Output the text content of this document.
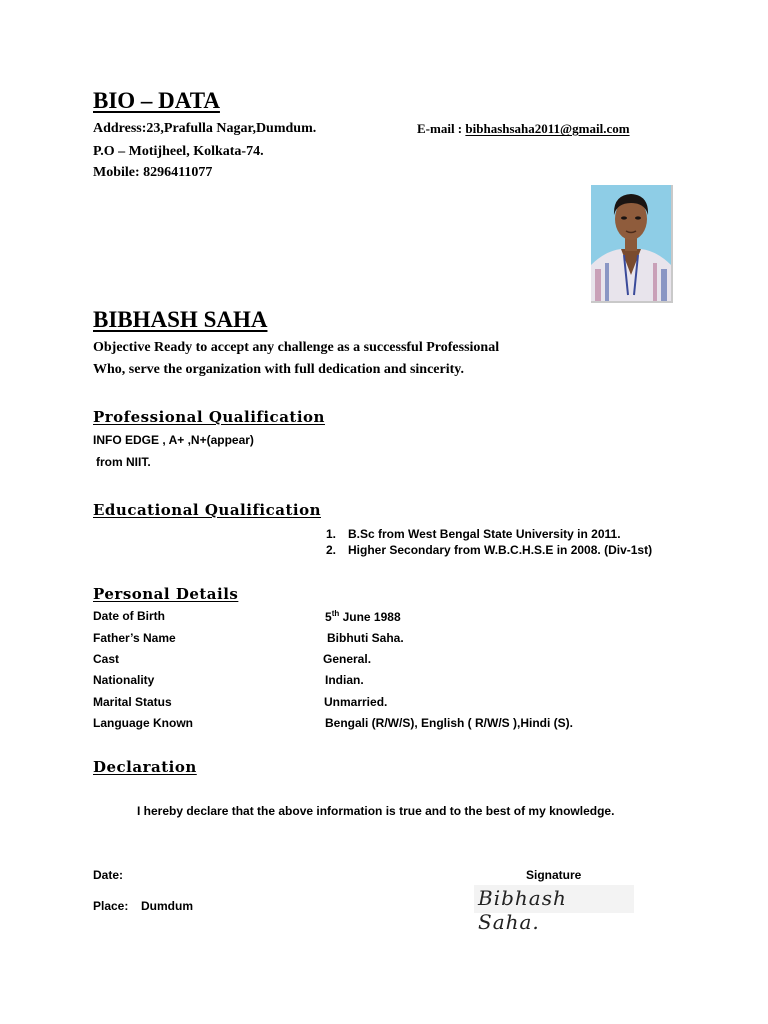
BIO – DATA
Address:23,Prafulla Nagar,Dumdum.	E-mail : bibhashsaha2011@gmail.com
P.O – Motijheel, Kolkata-74.
Mobile: 8296411077
BIBHASH SAHA
Objective Ready to accept any challenge as a successful Professional
Who, serve the organization with full dedication and sincerity.
Professional Qualification
INFO EDGE , A+ ,N+(appear)
from NIIT.
Educational Qualification
1. B.Sc from West Bengal State University in 2011.
2. Higher Secondary from W.B.C.H.S.E in 2008. (Div-1st)
Personal Details
Date of Birth	5th June 1988
Father’s Name	Bibhuti Saha.
Cast	General.
Nationality	Indian.
Marital Status	Unmarried.
Language Known	Bengali (R/W/S), English ( R/W/S ),Hindi (S).
Declaration
I hereby declare that the above information is true and to the best of my knowledge.
Date:	Signature
Place: Dumdum	Bibhash Saha.
